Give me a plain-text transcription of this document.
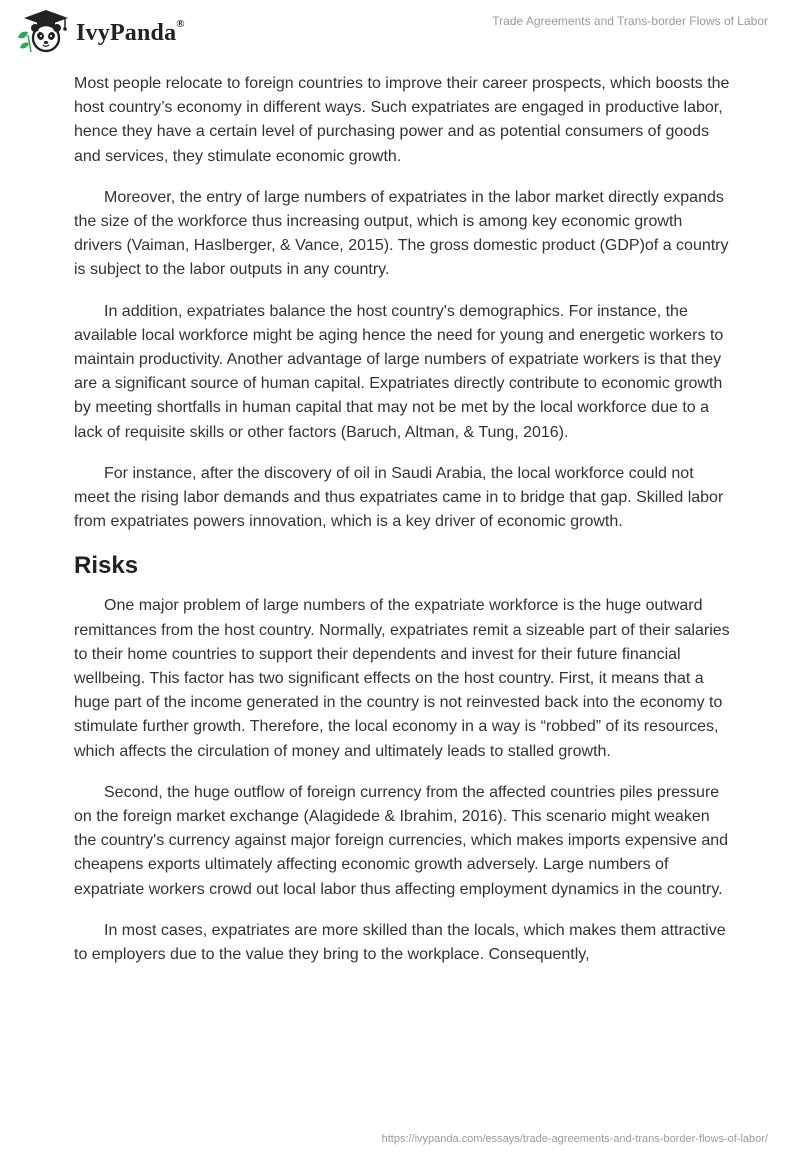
IvyPanda®	Trade Agreements and Trans-border Flows of Labor

Most people relocate to foreign countries to improve their career prospects, which boosts the host country’s economy in different ways. Such expatriates are engaged in productive labor, hence they have a certain level of purchasing power and as potential consumers of goods and services, they stimulate economic growth.

Moreover, the entry of large numbers of expatriates in the labor market directly expands the size of the workforce thus increasing output, which is among key economic growth drivers (Vaiman, Haslberger, & Vance, 2015). The gross domestic product (GDP)of a country is subject to the labor outputs in any country.

In addition, expatriates balance the host country's demographics. For instance, the available local workforce might be aging hence the need for young and energetic workers to maintain productivity. Another advantage of large numbers of expatriate workers is that they are a significant source of human capital. Expatriates directly contribute to economic growth by meeting shortfalls in human capital that may not be met by the local workforce due to a lack of requisite skills or other factors (Baruch, Altman, & Tung, 2016).

For instance, after the discovery of oil in Saudi Arabia, the local workforce could not meet the rising labor demands and thus expatriates came in to bridge that gap. Skilled labor from expatriates powers innovation, which is a key driver of economic growth.

Risks

One major problem of large numbers of the expatriate workforce is the huge outward remittances from the host country. Normally, expatriates remit a sizeable part of their salaries to their home countries to support their dependents and invest for their future financial wellbeing. This factor has two significant effects on the host country. First, it means that a huge part of the income generated in the country is not reinvested back into the economy to stimulate further growth. Therefore, the local economy in a way is “robbed” of its resources, which affects the circulation of money and ultimately leads to stalled growth.

Second, the huge outflow of foreign currency from the affected countries piles pressure on the foreign market exchange (Alagidede & Ibrahim, 2016). This scenario might weaken the country's currency against major foreign currencies, which makes imports expensive and cheapens exports ultimately affecting economic growth adversely. Large numbers of expatriate workers crowd out local labor thus affecting employment dynamics in the country.

In most cases, expatriates are more skilled than the locals, which makes them attractive to employers due to the value they bring to the workplace. Consequently,

https://ivypanda.com/essays/trade-agreements-and-trans-border-flows-of-labor/
